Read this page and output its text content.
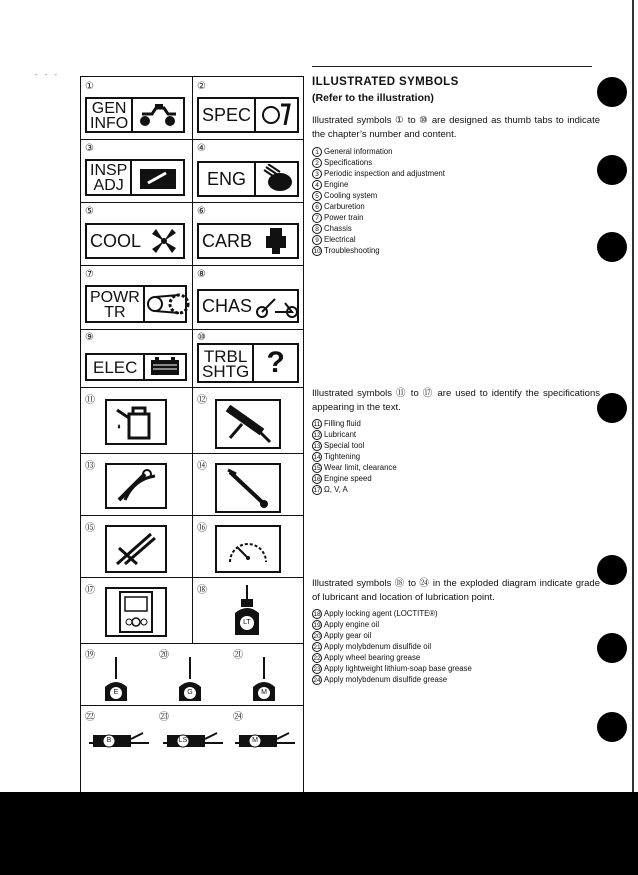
- - -
①	②
③	④
⑤	⑥
⑦	⑧
⑨	⑩
⑪	⑫
⑬	⑭
⑮	⑯
⑰	⑱
⑲	⑳	㉑
㉒	㉓	㉔
GEN
INFO	SPEC
INSP
ADJ	ENG
COOL	CARB
POWR
TR	CHAS
ELEC
TRBL
SHTG ?
LT
E	G	M
B	LS	M
ILLUSTRATED SYMBOLS
(Refer to the illustration)
Illustrated symbols ① to ⑩ are designed as thumb tabs to indicate the chapter’s number and content.
1 General information
2 Specifications
3 Periodic inspection and adjustment
4 Engine
5 Cooling system
6 Carburetion
7 Power train
8 Chassis
9 Electrical
10 Troubleshooting
Illustrated symbols ⑪ to ⑰ are used to identify the specifications appearing in the text.
11 Filling fluid
12 Lubricant
13 Special tool
14 Tightening
15 Wear limit, clearance
16 Engine speed
17 Ω, V, A
Illustrated symbols ⑱ to ㉔ in the exploded diagram indicate grade of lubricant and location of lubrication point.
18 Apply locking agent (LOCTITE®)
19 Apply engine oil
20 Apply gear oil
21 Apply molybdenum disulfide oil
22 Apply wheel bearing grease
23 Apply lightweight lithium-soap base grease
24 Apply molybdenum disulfide grease
